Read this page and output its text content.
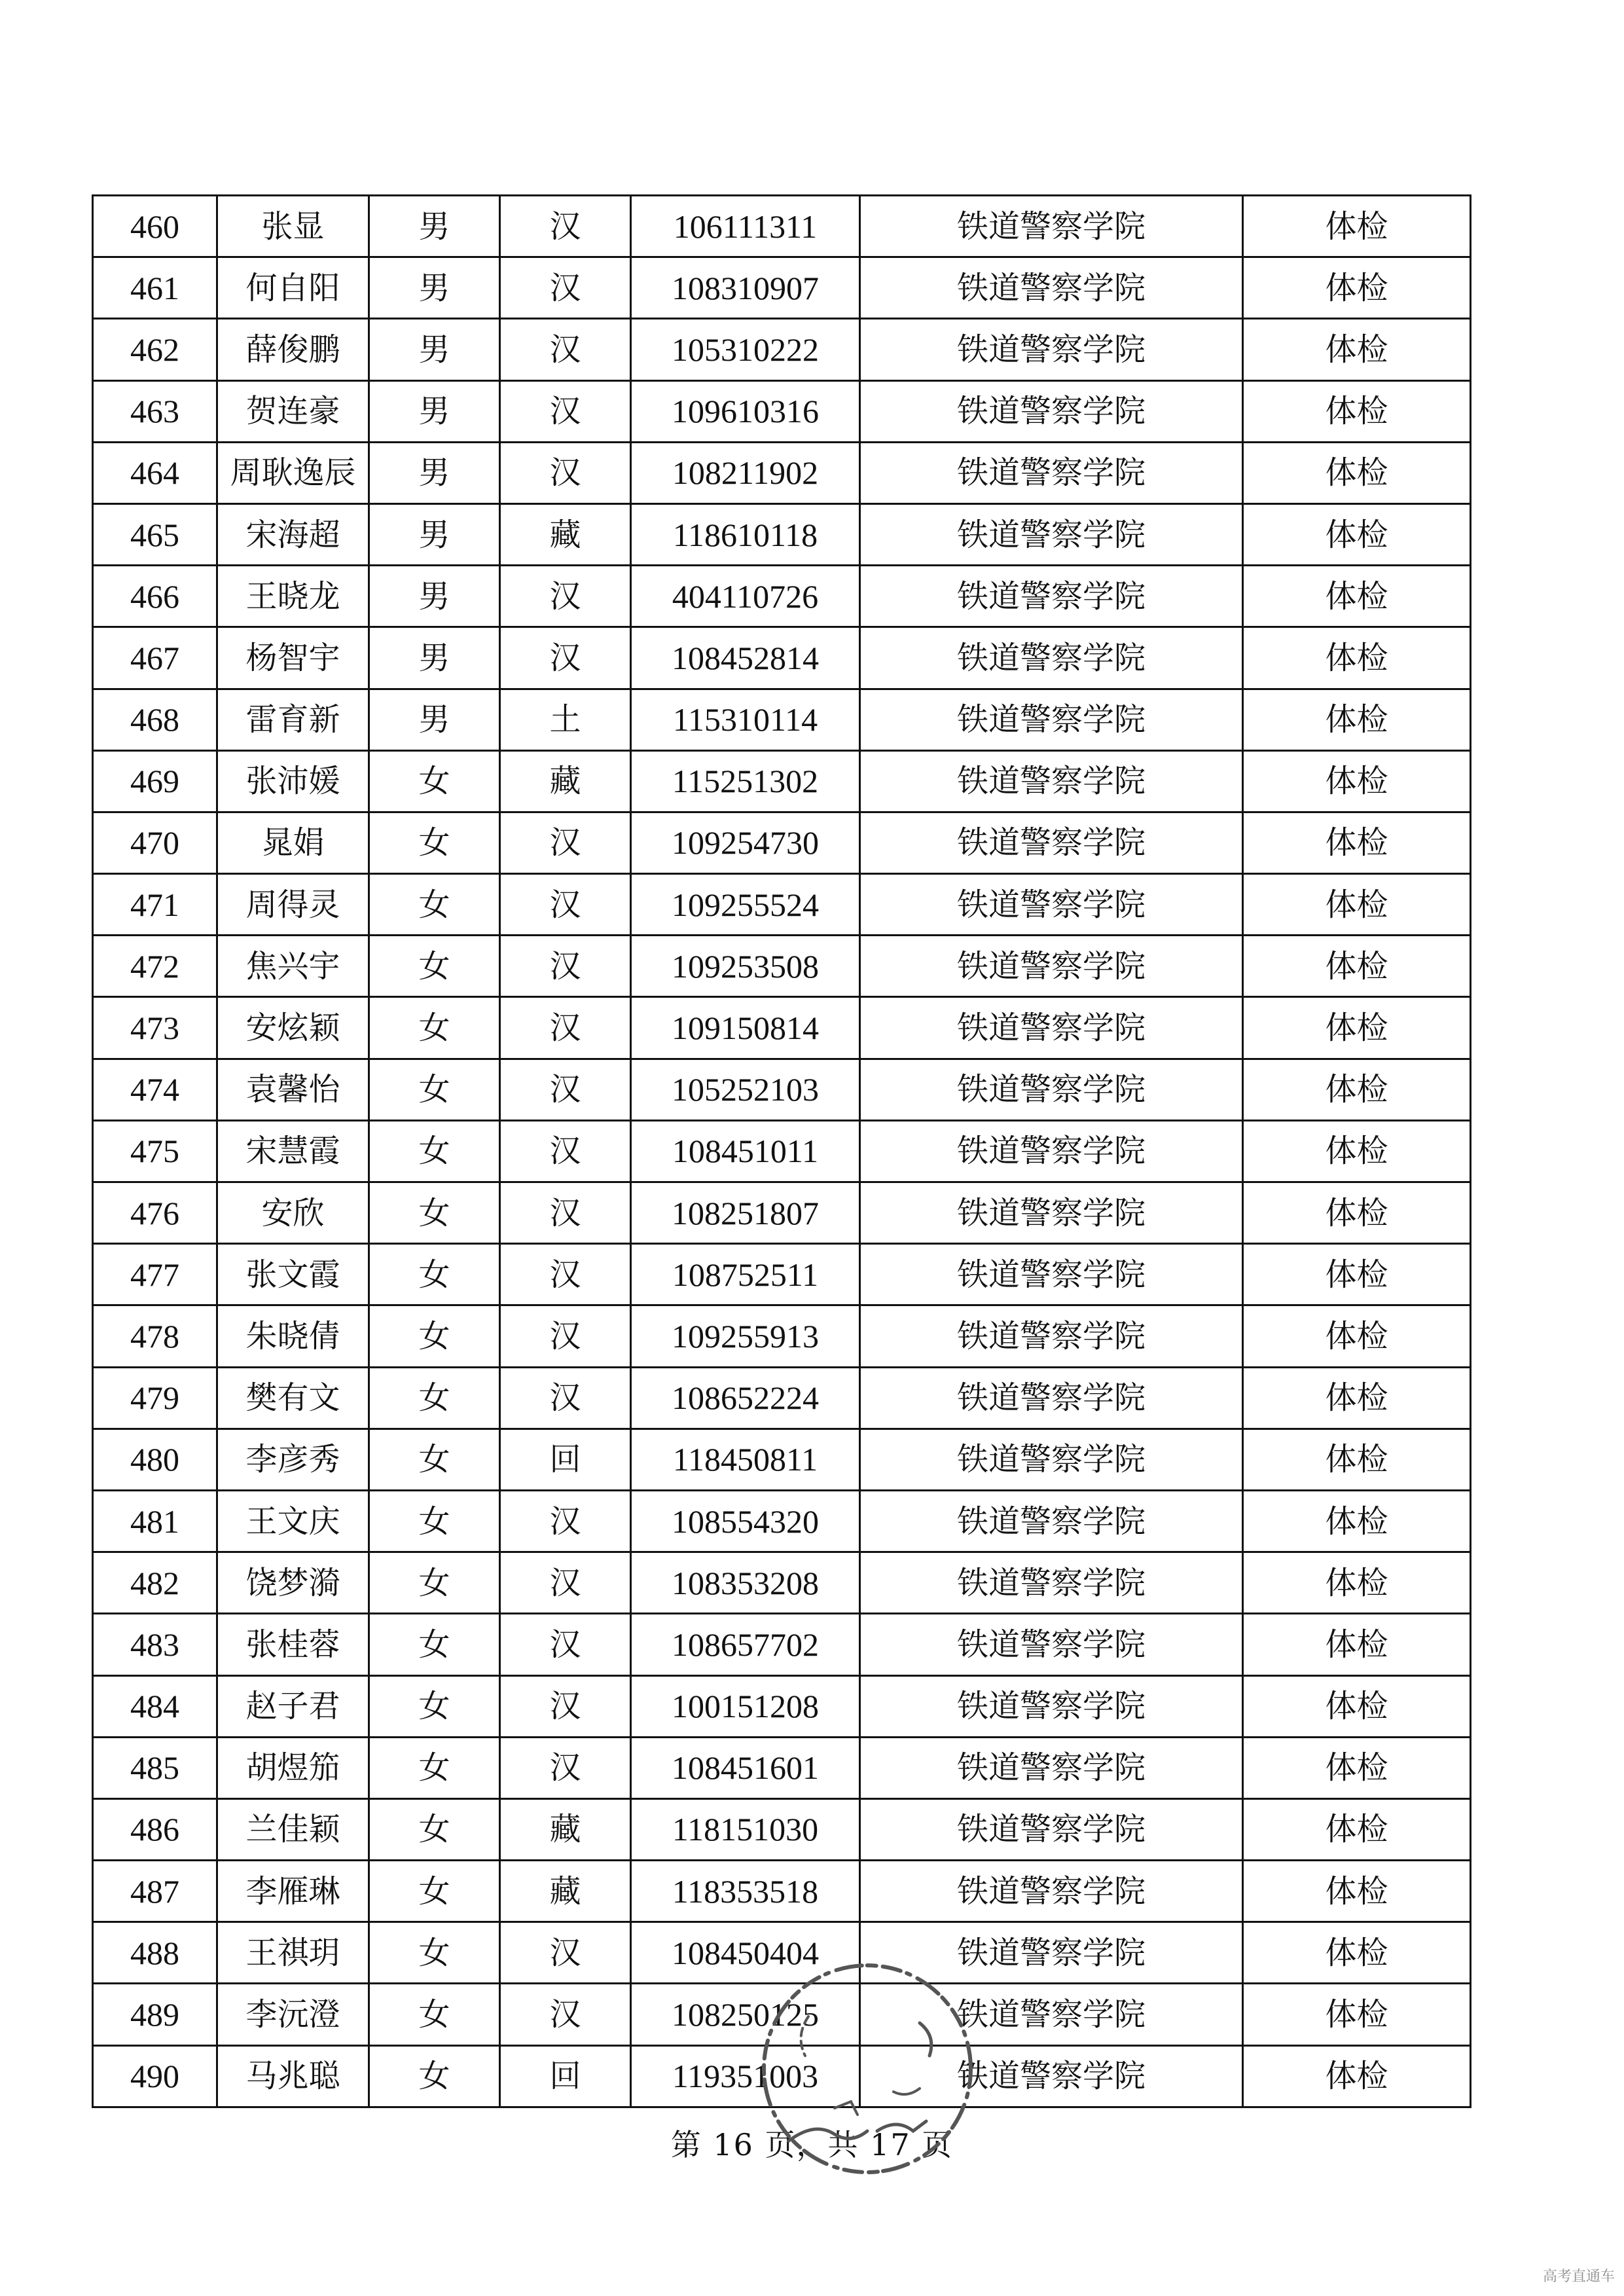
460	张显	男	汉	106111311	铁道警察学院	体检
461	何自阳	男	汉	108310907	铁道警察学院	体检
462	薛俊鹏	男	汉	105310222	铁道警察学院	体检
463	贺连豪	男	汉	109610316	铁道警察学院	体检
464	周耿逸辰	男	汉	108211902	铁道警察学院	体检
465	宋海超	男	藏	118610118	铁道警察学院	体检
466	王晓龙	男	汉	404110726	铁道警察学院	体检
467	杨智宇	男	汉	108452814	铁道警察学院	体检
468	雷育新	男	土	115310114	铁道警察学院	体检
469	张沛媛	女	藏	115251302	铁道警察学院	体检
470	晁娟	女	汉	109254730	铁道警察学院	体检
471	周得灵	女	汉	109255524	铁道警察学院	体检
472	焦兴宇	女	汉	109253508	铁道警察学院	体检
473	安炫颖	女	汉	109150814	铁道警察学院	体检
474	袁馨怡	女	汉	105252103	铁道警察学院	体检
475	宋慧霞	女	汉	108451011	铁道警察学院	体检
476	安欣	女	汉	108251807	铁道警察学院	体检
477	张文霞	女	汉	108752511	铁道警察学院	体检
478	朱晓倩	女	汉	109255913	铁道警察学院	体检
479	樊有文	女	汉	108652224	铁道警察学院	体检
480	李彦秀	女	回	118450811	铁道警察学院	体检
481	王文庆	女	汉	108554320	铁道警察学院	体检
482	饶梦漪	女	汉	108353208	铁道警察学院	体检
483	张桂蓉	女	汉	108657702	铁道警察学院	体检
484	赵子君	女	汉	100151208	铁道警察学院	体检
485	胡煜笳	女	汉	108451601	铁道警察学院	体检
486	兰佳颖	女	藏	118151030	铁道警察学院	体检
487	李雁琳	女	藏	118353518	铁道警察学院	体检
488	王祺玥	女	汉	108450404	铁道警察学院	体检
489	李沅澄	女	汉	108250125	铁道警察学院	体检
490	马兆聪	女	回	119351003	铁道警察学院	体检
第 16 页，共 17 页
高考直通车
